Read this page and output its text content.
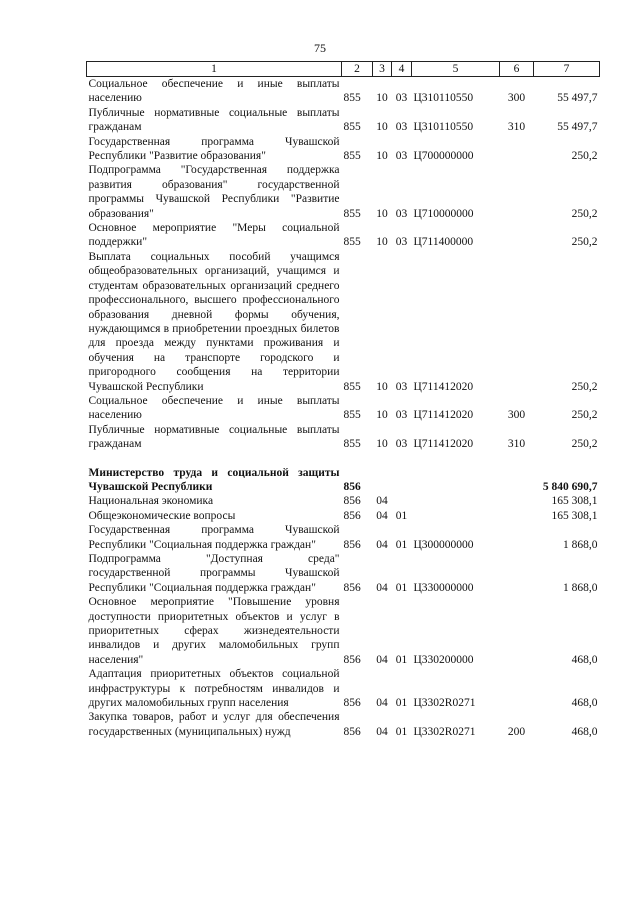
75
1	2	3	4	5	6	7
Социальное обеспечение и иные выплаты населению	855	10	03	Ц310110550	300	55 497,7
Публичные нормативные социальные выплаты гражданам	855	10	03	Ц310110550	310	55 497,7
Государственная программа Чувашской Республики "Развитие образования"	855	10	03	Ц700000000		250,2
Подпрограмма "Государственная поддержка развития образования" государственной программы Чувашской Республики "Развитие образования"	855	10	03	Ц710000000		250,2
Основное мероприятие "Меры социальной поддержки"	855	10	03	Ц711400000		250,2
Выплата социальных пособий учащимся общеобразовательных организаций, учащимся и студентам образовательных организаций среднего профессионального, высшего профессионального образования дневной формы обучения, нуждающимся в приобретении проездных билетов для проезда между пунктами проживания и обучения на транспорте городского и пригородного сообщения на территории Чувашской Республики	855	10	03	Ц711412020		250,2
Социальное обеспечение и иные выплаты населению	855	10	03	Ц711412020	300	250,2
Публичные нормативные социальные выплаты гражданам	855	10	03	Ц711412020	310	250,2

Министерство труда и социальной защиты Чувашской Республики	856					5 840 690,7
Национальная экономика	856	04				165 308,1
Общеэкономические вопросы	856	04	01			165 308,1
Государственная программа Чувашской Республики "Социальная поддержка граждан"	856	04	01	Ц300000000		1 868,0
Подпрограмма "Доступная среда" государственной программы Чувашской Республики "Социальная поддержка граждан"	856	04	01	Ц330000000		1 868,0
Основное мероприятие "Повышение уровня доступности приоритетных объектов и услуг в приоритетных сферах жизнедеятельности инвалидов и других маломобильных групп населения"	856	04	01	Ц330200000		468,0
Адаптация приоритетных объектов социальной инфраструктуры к потребностям инвалидов и других маломобильных групп населения	856	04	01	Ц3302R0271		468,0
Закупка товаров, работ и услуг для обеспечения государственных (муниципальных) нужд	856	04	01	Ц3302R0271	200	468,0
